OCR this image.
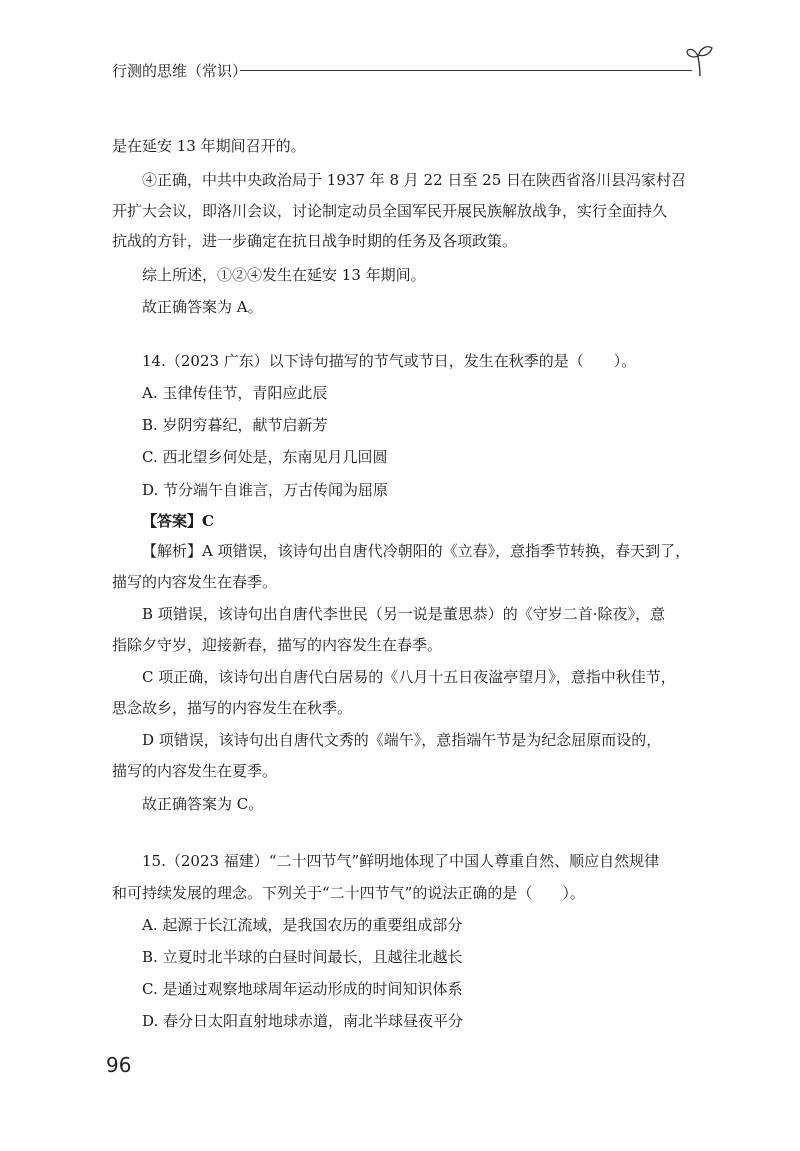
行测的思维（常识）
是在延安 13 年期间召开的。
④正确，中共中央政治局于 1937 年 8 月 22 日至 25 日在陕西省洛川县冯家村召
开扩大会议，即洛川会议，讨论制定动员全国军民开展民族解放战争，实行全面持久
抗战的方针，进一步确定在抗日战争时期的任务及各项政策。
综上所述，①②④发生在延安 13 年期间。
故正确答案为 A。
14.（2023 广东）以下诗句描写的节气或节日，发生在秋季的是（　　）。
A. 玉律传佳节，青阳应此辰
B. 岁阴穷暮纪，献节启新芳
C. 西北望乡何处是，东南见月几回圆
D. 节分端午自谁言，万古传闻为屈原
【答案】C
【解析】A 项错误，该诗句出自唐代冷朝阳的《立春》，意指季节转换，春天到了，
描写的内容发生在春季。
B 项错误，该诗句出自唐代李世民（另一说是董思恭）的《守岁二首·除夜》，意
指除夕守岁，迎接新春，描写的内容发生在春季。
C 项正确，该诗句出自唐代白居易的《八月十五日夜湓亭望月》，意指中秋佳节，
思念故乡，描写的内容发生在秋季。
D 项错误，该诗句出自唐代文秀的《端午》，意指端午节是为纪念屈原而设的，
描写的内容发生在夏季。
故正确答案为 C。
15.（2023 福建）“二十四节气”鲜明地体现了中国人尊重自然、顺应自然规律
和可持续发展的理念。下列关于“二十四节气”的说法正确的是（　　）。
A. 起源于长江流域，是我国农历的重要组成部分
B. 立夏时北半球的白昼时间最长，且越往北越长
C. 是通过观察地球周年运动形成的时间知识体系
D. 春分日太阳直射地球赤道，南北半球昼夜平分
96
